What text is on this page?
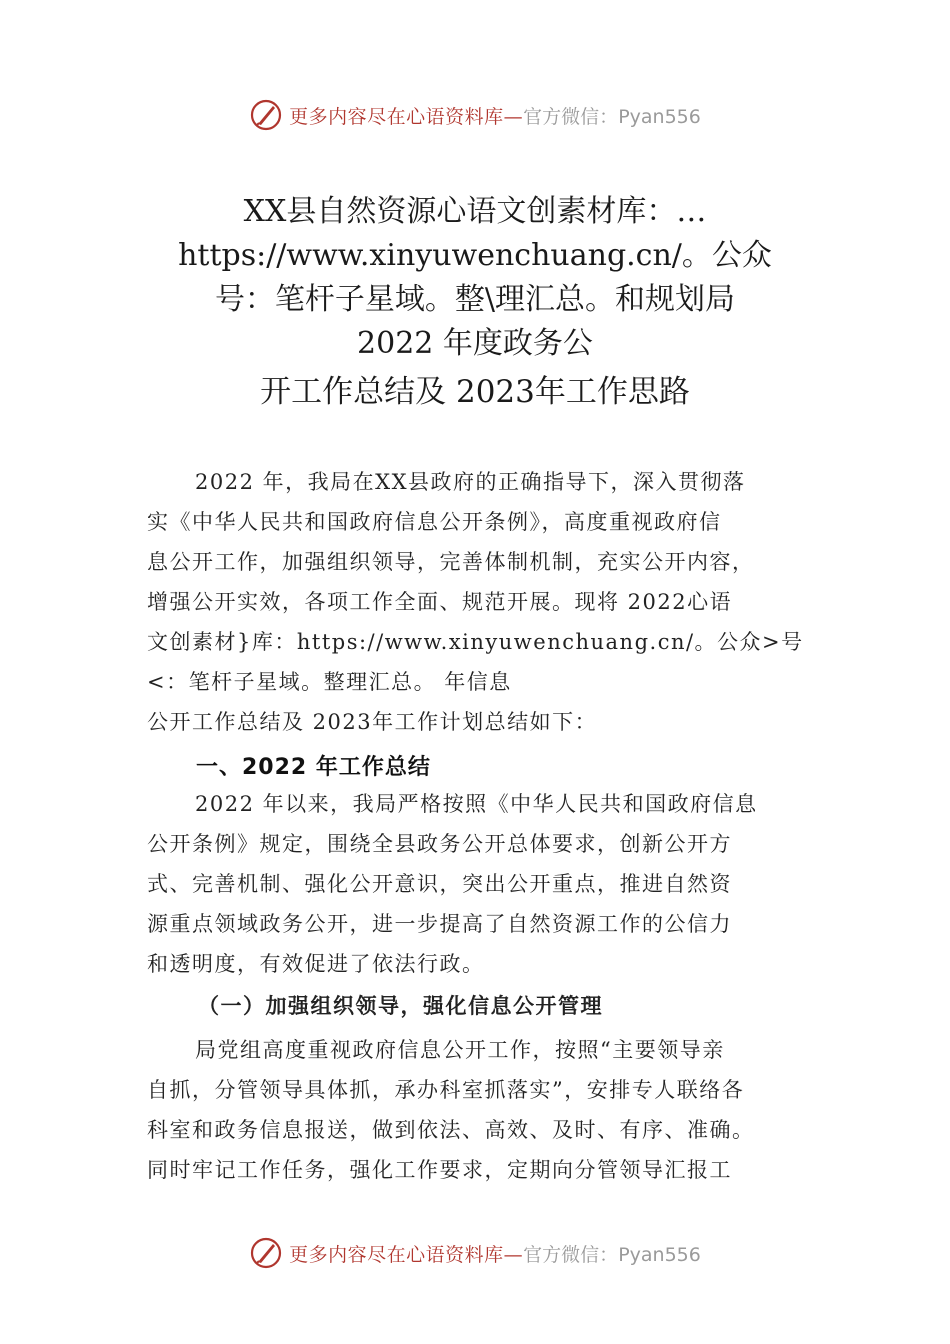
更多内容尽在心语资料库—官方微信：Pyan556
XX县自然资源心语文创素材库：…
https://www.xinyuwenchuang.cn/。公众
号：笔杆子星域。整\理汇总。和规划局
2022 年度政务公
开工作总结及 2023年工作思路
2022 年，我局在XX县政府的正确指导下，深入贯彻落
实《中华人民共和国政府信息公开条例》，高度重视政府信
息公开工作，加强组织领导，完善体制机制，充实公开内容，
增强公开实效，各项工作全面、规范开展。现将 2022心语
文创素材}库：https://www.xinyuwenchuang.cn/。公众>号
<：笔杆子星域。整理汇总。 年信息
公开工作总结及 2023年工作计划总结如下：
一、2022 年工作总结
2022 年以来，我局严格按照《中华人民共和国政府信息
公开条例》规定，围绕全县政务公开总体要求，创新公开方
式、完善机制、强化公开意识，突出公开重点，推进自然资
源重点领域政务公开，进一步提高了自然资源工作的公信力
和透明度，有效促进了依法行政。
（一）加强组织领导，强化信息公开管理
局党组高度重视政府信息公开工作，按照“主要领导亲
自抓，分管领导具体抓，承办科室抓落实”，安排专人联络各
科室和政务信息报送，做到依法、高效、及时、有序、准确。
同时牢记工作任务，强化工作要求，定期向分管领导汇报工
更多内容尽在心语资料库—官方微信：Pyan556
